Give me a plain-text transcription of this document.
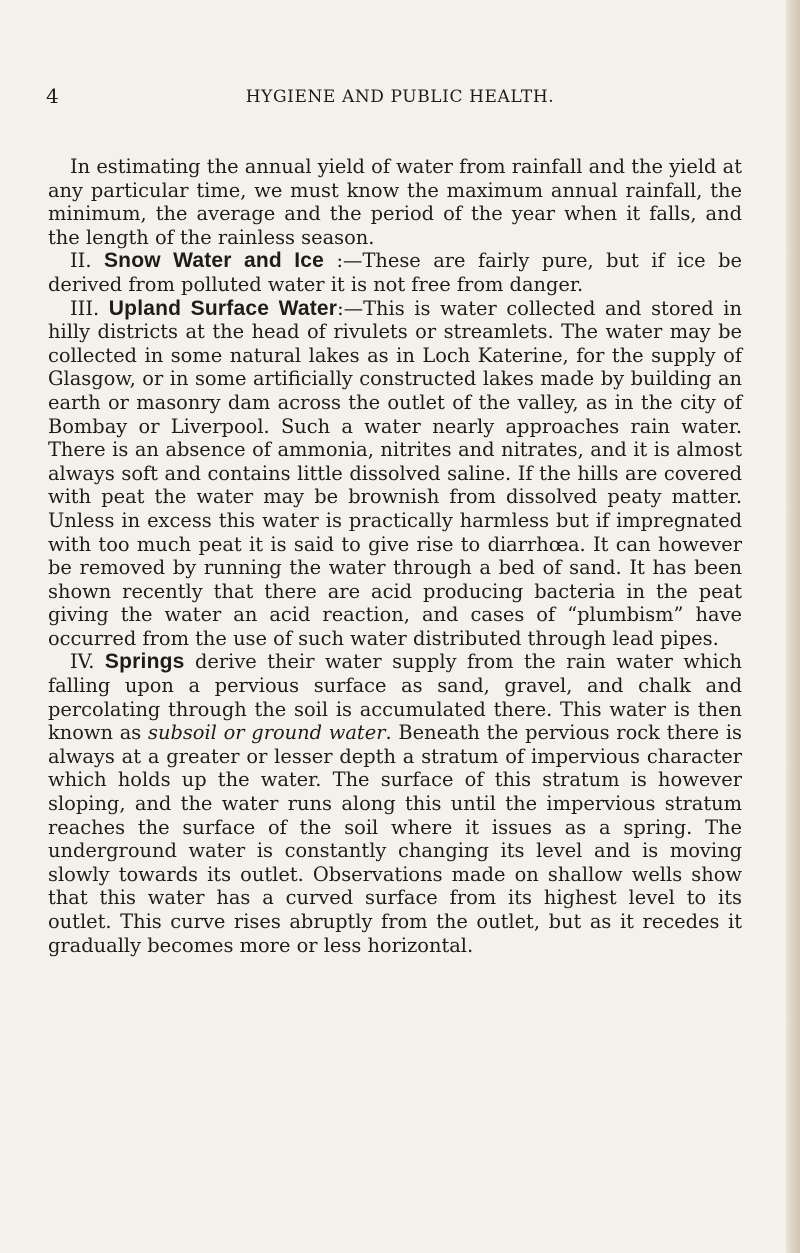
4	HYGIENE AND PUBLIC HEALTH.

In estimating the annual yield of water from rainfall and the yield at any particular time, we must know the maximum annual rainfall, the minimum, the average and the period of the year when it falls, and the length of the rainless season.

II. Snow Water and Ice :—These are fairly pure, but if ice be derived from polluted water it is not free from danger.

III. Upland Surface Water:—This is water collected and stored in hilly districts at the head of rivulets or streamlets. The water may be collected in some natural lakes as in Loch Katerine, for the supply of Glasgow, or in some artificially constructed lakes made by building an earth or masonry dam across the outlet of the valley, as in the city of Bombay or Liverpool. Such a water nearly approaches rain water. There is an absence of ammonia, nitrites and nitrates, and it is almost always soft and contains little dissolved saline. If the hills are covered with peat the water may be brownish from dissolved peaty matter. Unless in excess this water is practically harmless but if impregnated with too much peat it is said to give rise to diarrhœa. It can however be removed by running the water through a bed of sand. It has been shown recently that there are acid producing bacteria in the peat giving the water an acid reaction, and cases of “plumbism” have occurred from the use of such water distributed through lead pipes.

IV. Springs derive their water supply from the rain water which falling upon a pervious surface as sand, gravel, and chalk and percolating through the soil is accumulated there. This water is then known as subsoil or ground water. Beneath the pervious rock there is always at a greater or lesser depth a stratum of impervious character which holds up the water. The surface of this stratum is however sloping, and the water runs along this until the impervious stratum reaches the surface of the soil where it issues as a spring. The underground water is constantly changing its level and is moving slowly towards its outlet. Observations made on shallow wells show that this water has a curved surface from its highest level to its outlet. This curve rises abruptly from the outlet, but as it recedes it gradually becomes more or less horizontal.
